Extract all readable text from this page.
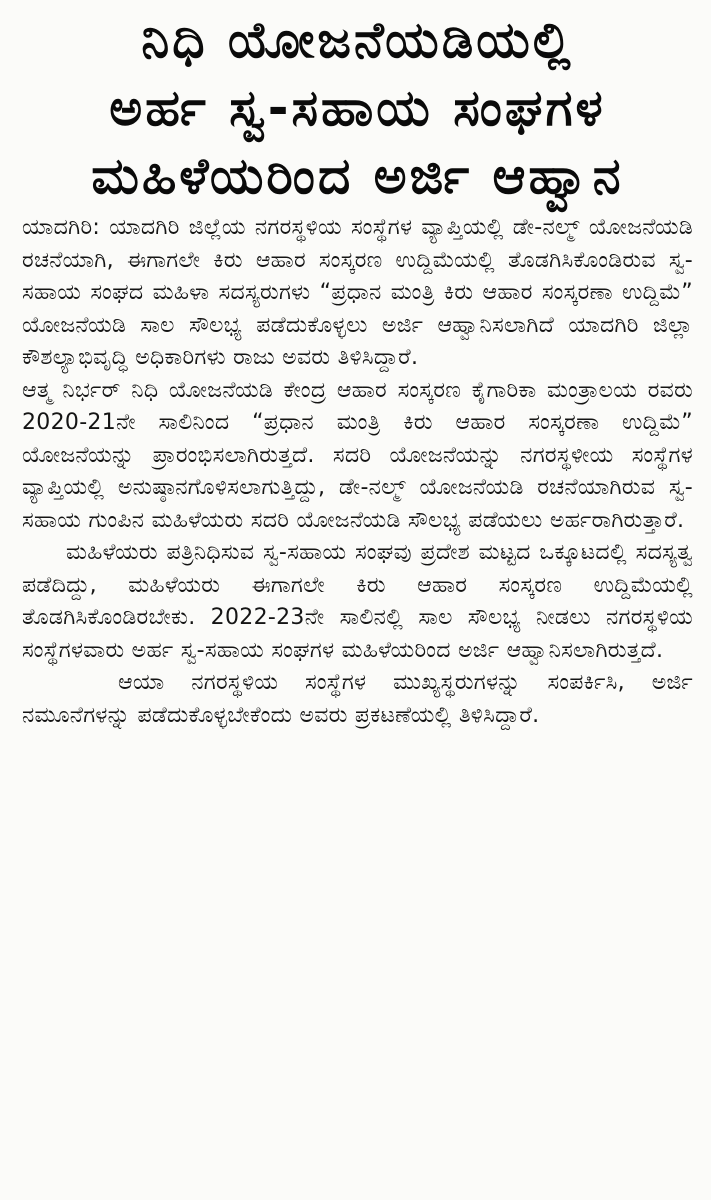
ನಿಧಿ ಯೋಜನೆಯಡಿಯಲ್ಲಿ
ಅರ್ಹ ಸ್ವ-ಸಹಾಯ ಸಂಘಗಳ
ಮಹಿಳೆಯರಿಂದ ಅರ್ಜಿ ಆಹ್ವಾನ

ಯಾದಗಿರಿ: ಯಾದಗಿರಿ ಜಿಲ್ಲೆಯ ನಗರಸ್ಥಳಿಯ ಸಂಸ್ಥೆಗಳ ವ್ಯಾಪ್ತಿಯಲ್ಲಿ ಡೇ-ನಲ್ಮ್ ಯೋಜನೆಯಡಿ ರಚನೆಯಾಗಿ, ಈಗಾಗಲೇ ಕಿರು ಆಹಾರ ಸಂಸ್ಕರಣ ಉದ್ದಿಮೆಯಲ್ಲಿ ತೊಡಗಿಸಿಕೊಂಡಿರುವ ಸ್ವ-ಸಹಾಯ ಸಂಘದ ಮಹಿಳಾ ಸದಸ್ಯರುಗಳು “ಪ್ರಧಾನ ಮಂತ್ರಿ ಕಿರು ಆಹಾರ ಸಂಸ್ಕರಣಾ ಉದ್ದಿಮೆ” ಯೋಜನೆಯಡಿ ಸಾಲ ಸೌಲಭ್ಯ ಪಡೆದುಕೊಳ್ಳಲು ಅರ್ಜಿ ಆಹ್ವಾನಿಸಲಾಗಿದೆ ಯಾದಗಿರಿ ಜಿಲ್ಲಾ ಕೌಶಲ್ಯಾಭಿವೃದ್ಧಿ ಅಧಿಕಾರಿಗಳು ರಾಜು ಅವರು ತಿಳಿಸಿದ್ದಾರೆ.

ಆತ್ಮ ನಿರ್ಭರ್ ನಿಧಿ ಯೋಜನೆಯಡಿ ಕೇಂದ್ರ ಆಹಾರ ಸಂಸ್ಕರಣ ಕೈಗಾರಿಕಾ ಮಂತ್ರಾಲಯ ರವರು 2020-21ನೇ ಸಾಲಿನಿಂದ “ಪ್ರಧಾನ ಮಂತ್ರಿ ಕಿರು ಆಹಾರ ಸಂಸ್ಕರಣಾ ಉದ್ದಿಮೆ” ಯೋಜನೆಯನ್ನು ಪ್ರಾರಂಭಿಸಲಾಗಿರುತ್ತದೆ. ಸದರಿ ಯೋಜನೆಯನ್ನು ನಗರಸ್ಥಳೀಯ ಸಂಸ್ಥೆಗಳ ವ್ಯಾಪ್ತಿಯಲ್ಲಿ ಅನುಷ್ಠಾನಗೊಳಿಸಲಾಗುತ್ತಿದ್ದು, ಡೇ-ನಲ್ಮ್ ಯೋಜನೆಯಡಿ ರಚನೆಯಾಗಿರುವ ಸ್ವ-ಸಹಾಯ ಗುಂಪಿನ ಮಹಿಳೆಯರು ಸದರಿ ಯೋಜನೆಯಡಿ ಸೌಲಭ್ಯ ಪಡೆಯಲು ಅರ್ಹರಾಗಿರುತ್ತಾರೆ.

ಮಹಿಳೆಯರು ಪತ್ರಿನಿಧಿಸುವ ಸ್ವ-ಸಹಾಯ ಸಂಘವು ಪ್ರದೇಶ ಮಟ್ಟದ ಒಕ್ಕೂಟದಲ್ಲಿ ಸದಸ್ಯತ್ವ ಪಡೆದಿದ್ದು, ಮಹಿಳೆಯರು ಈಗಾಗಲೇ ಕಿರು ಆಹಾರ ಸಂಸ್ಕರಣ ಉದ್ದಿಮೆಯಲ್ಲಿ ತೊಡಗಿಸಿಕೊಂಡಿರಬೇಕು. 2022-23ನೇ ಸಾಲಿನಲ್ಲಿ ಸಾಲ ಸೌಲಭ್ಯ ನೀಡಲು ನಗರಸ್ಥಳಿಯ ಸಂಸ್ಥೆಗಳವಾರು ಅರ್ಹ ಸ್ವ-ಸಹಾಯ ಸಂಘಗಳ ಮಹಿಳೆಯರಿಂದ ಅರ್ಜಿ ಆಹ್ವಾನಿಸಲಾಗಿರುತ್ತದೆ.

ಆಯಾ ನಗರಸ್ಥಳಿಯ ಸಂಸ್ಥೆಗಳ ಮುಖ್ಯಸ್ಥರುಗಳನ್ನು ಸಂಪರ್ಕಿಸಿ, ಅರ್ಜಿ ನಮೂನೆಗಳನ್ನು ಪಡೆದುಕೊಳ್ಳಬೇಕೆಂದು ಅವರು ಪ್ರಕಟಣೆಯಲ್ಲಿ ತಿಳಿಸಿದ್ದಾರೆ.
